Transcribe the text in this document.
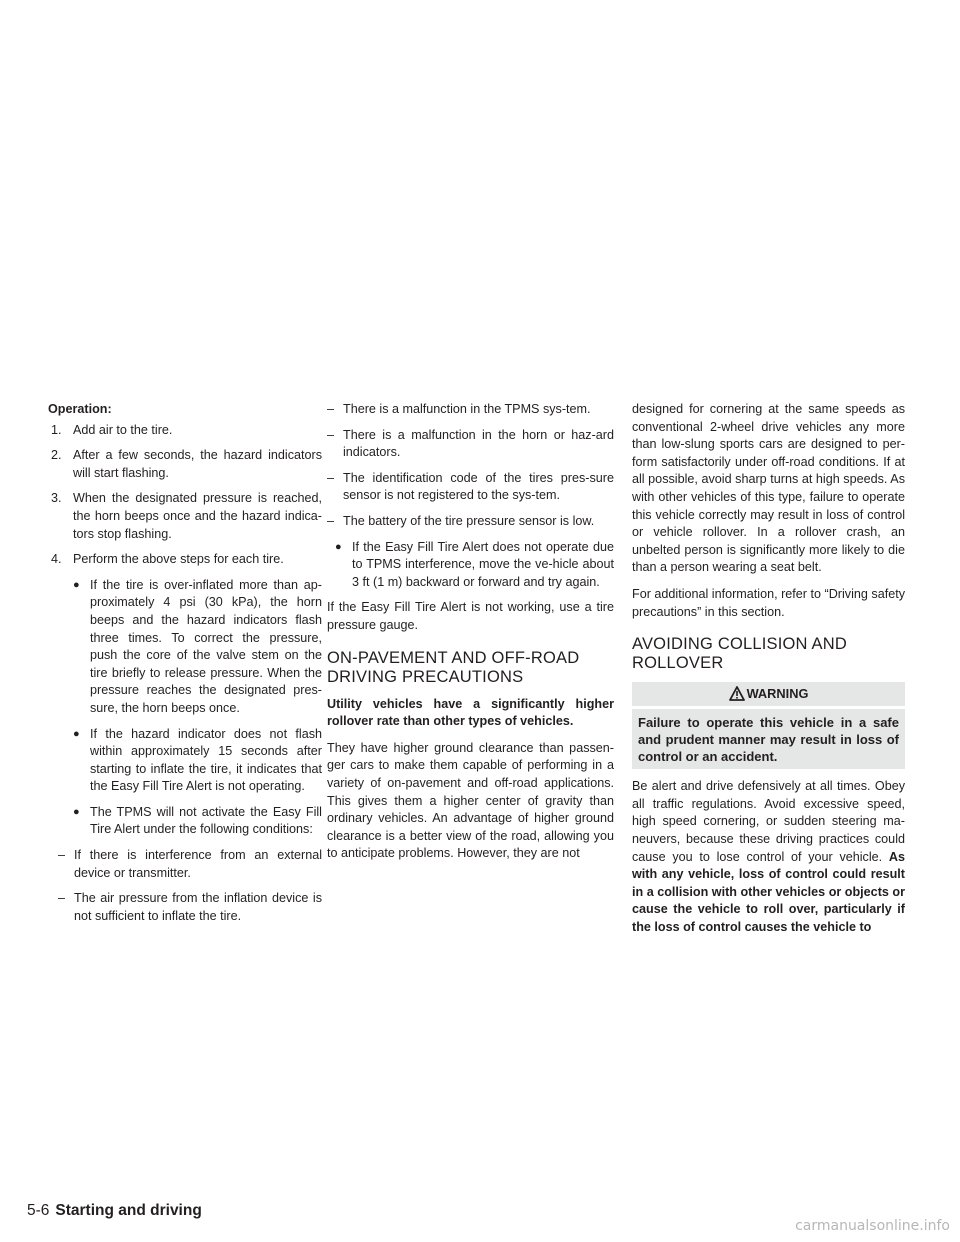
Operation:
1. Add air to the tire.
2. After a few seconds, the hazard indicators will start flashing.
3. When the designated pressure is reached, the horn beeps once and the hazard indica-tors stop flashing.
4. Perform the above steps for each tire.
● If the tire is over-inflated more than ap-proximately 4 psi (30 kPa), the horn beeps and the hazard indicators flash three times. To correct the pressure, push the core of the valve stem on the tire briefly to release pressure. When the pressure reaches the designated pres-sure, the horn beeps once.
● If the hazard indicator does not flash within approximately 15 seconds after starting to inflate the tire, it indicates that the Easy Fill Tire Alert is not operating.
● The TPMS will not activate the Easy Fill Tire Alert under the following conditions:
– If there is interference from an external device or transmitter.
– The air pressure from the inflation device is not sufficient to inflate the tire.
– There is a malfunction in the TPMS sys-tem.
– There is a malfunction in the horn or haz-ard indicators.
– The identification code of the tires pres-sure sensor is not registered to the sys-tem.
– The battery of the tire pressure sensor is low.
● If the Easy Fill Tire Alert does not operate due to TPMS interference, move the ve-hicle about 3 ft (1 m) backward or forward and try again.

If the Easy Fill Tire Alert is not working, use a tire pressure gauge.

ON-PAVEMENT AND OFF-ROAD
DRIVING PRECAUTIONS

Utility vehicles have a significantly higher rollover rate than other types of vehicles.

They have higher ground clearance than passen-ger cars to make them capable of performing in a variety of on-pavement and off-road applications. This gives them a higher center of gravity than ordinary vehicles. An advantage of higher ground clearance is a better view of the road, allowing you to anticipate problems. However, they are not

designed for cornering at the same speeds as conventional 2-wheel drive vehicles any more than low-slung sports cars are designed to per-form satisfactorily under off-road conditions. If at all possible, avoid sharp turns at high speeds. As with other vehicles of this type, failure to operate this vehicle correctly may result in loss of control or vehicle rollover. In a rollover crash, an unbelted person is significantly more likely to die than a person wearing a seat belt.

For additional information, refer to “Driving safety precautions” in this section.

AVOIDING COLLISION AND
ROLLOVER
WARNING
Failure to operate this vehicle in a safe and prudent manner may result in loss of control or an accident.

Be alert and drive defensively at all times. Obey all traffic regulations. Avoid excessive speed, high speed cornering, or sudden steering ma-neuvers, because these driving practices could cause you to lose control of your vehicle. As with any vehicle, loss of control could result in a collision with other vehicles or objects or cause the vehicle to roll over, particularly if the loss of control causes the vehicle to

5-6 Starting and driving
carmanualsonline.info
